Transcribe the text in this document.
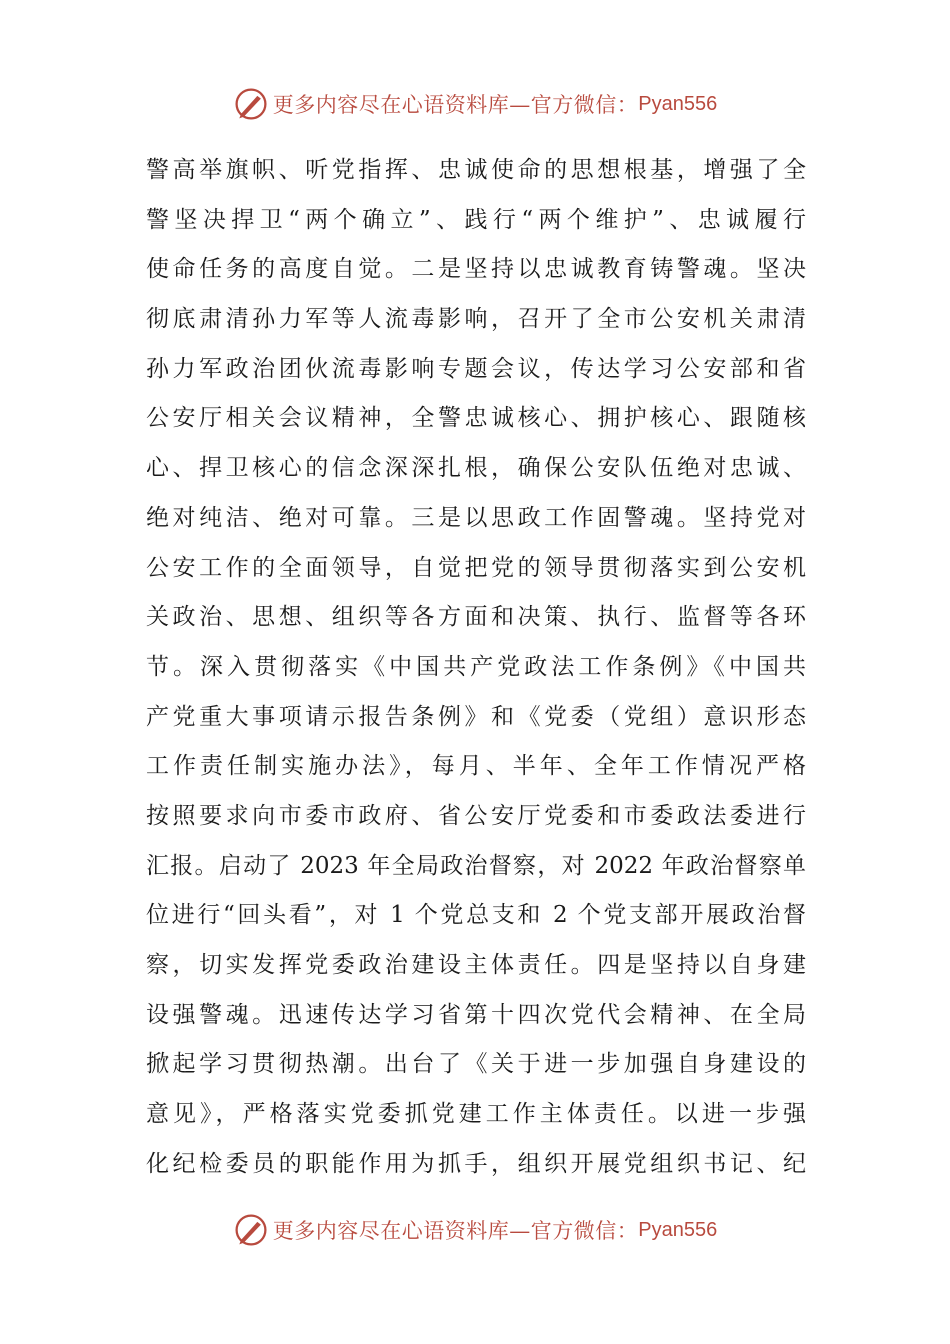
更多内容尽在心语资料库—官方微信： Pyan556
警高举旗帜、听党指挥、忠诚使命的思想根基，增强了全
警坚决捍卫“两个确立”、践行“两个维护”、忠诚履行
使命任务的高度自觉。二是坚持以忠诚教育铸警魂。坚决
彻底肃清孙力军等人流毒影响，召开了全市公安机关肃清
孙力军政治团伙流毒影响专题会议，传达学习公安部和省
公安厅相关会议精神，全警忠诚核心、拥护核心、跟随核
心、捍卫核心的信念深深扎根，确保公安队伍绝对忠诚、
绝对纯洁、绝对可靠。三是以思政工作固警魂。坚持党对
公安工作的全面领导，自觉把党的领导贯彻落实到公安机
关政治、思想、组织等各方面和决策、执行、监督等各环
节。深入贯彻落实《中国共产党政法工作条例》《中国共
产党重大事项请示报告条例》和《党委（党组）意识形态
工作责任制实施办法》，每月、半年、全年工作情况严格
按照要求向市委市政府、省公安厅党委和市委政法委进行
汇报。启动了 2023 年全局政治督察，对 2022 年政治督察单
位进行“回头看”，对 1 个党总支和 2 个党支部开展政治督
察，切实发挥党委政治建设主体责任。四是坚持以自身建
设强警魂。迅速传达学习省第十四次党代会精神、在全局
掀起学习贯彻热潮。出台了《关于进一步加强自身建设的
意见》，严格落实党委抓党建工作主体责任。以进一步强
化纪检委员的职能作用为抓手，组织开展党组织书记、纪
更多内容尽在心语资料库—官方微信： Pyan556
